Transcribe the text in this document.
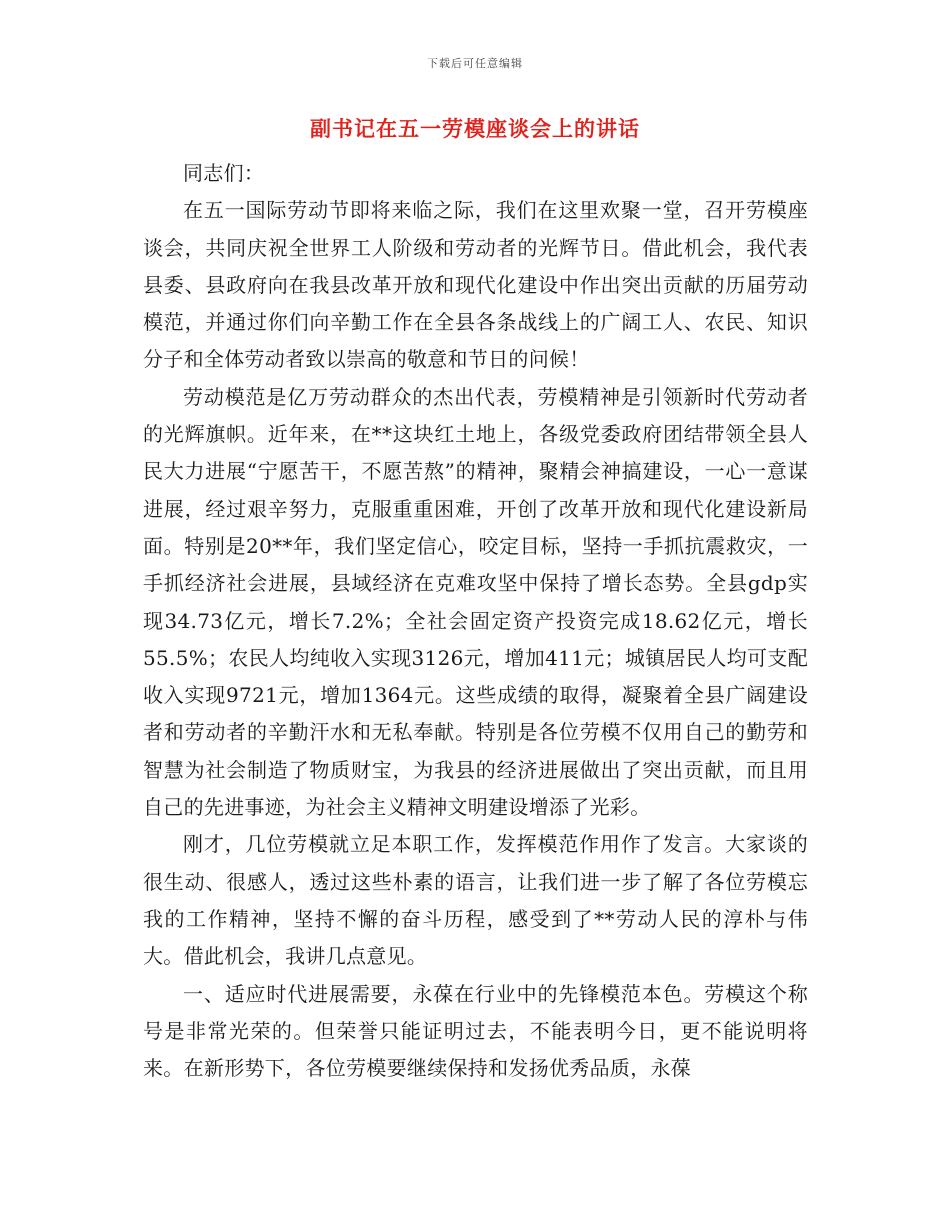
下载后可任意编辑
副书记在五一劳模座谈会上的讲话

同志们：

在五一国际劳动节即将来临之际，我们在这里欢聚一堂，召开劳模座谈会，共同庆祝全世界工人阶级和劳动者的光辉节日。借此机会，我代表县委、县政府向在我县改革开放和现代化建设中作出突出贡献的历届劳动模范，并通过你们向辛勤工作在全县各条战线上的广阔工人、农民、知识分子和全体劳动者致以崇高的敬意和节日的问候！

劳动模范是亿万劳动群众的杰出代表，劳模精神是引领新时代劳动者的光辉旗帜。近年来，在**这块红土地上，各级党委政府团结带领全县人民大力进展“宁愿苦干，不愿苦熬”的精神，聚精会神搞建设，一心一意谋进展，经过艰辛努力，克服重重困难，开创了改革开放和现代化建设新局面。特别是20**年，我们坚定信心，咬定目标，坚持一手抓抗震救灾，一手抓经济社会进展，县域经济在克难攻坚中保持了增长态势。全县gdp实现34.73亿元，增长7.2%；全社会固定资产投资完成18.62亿元，增长55.5%；农民人均纯收入实现3126元，增加411元；城镇居民人均可支配收入实现9721元，增加1364元。这些成绩的取得，凝聚着全县广阔建设者和劳动者的辛勤汗水和无私奉献。特别是各位劳模不仅用自己的勤劳和智慧为社会制造了物质财宝，为我县的经济进展做出了突出贡献，而且用自己的先进事迹，为社会主义精神文明建设增添了光彩。

刚才，几位劳模就立足本职工作，发挥模范作用作了发言。大家谈的很生动、很感人，透过这些朴素的语言，让我们进一步了解了各位劳模忘我的工作精神，坚持不懈的奋斗历程，感受到了**劳动人民的淳朴与伟大。借此机会，我讲几点意见。

一、适应时代进展需要，永葆在行业中的先锋模范本色。劳模这个称号是非常光荣的。但荣誉只能证明过去，不能表明今日，更不能说明将来。在新形势下，各位劳模要继续保持和发扬优秀品质，永葆
